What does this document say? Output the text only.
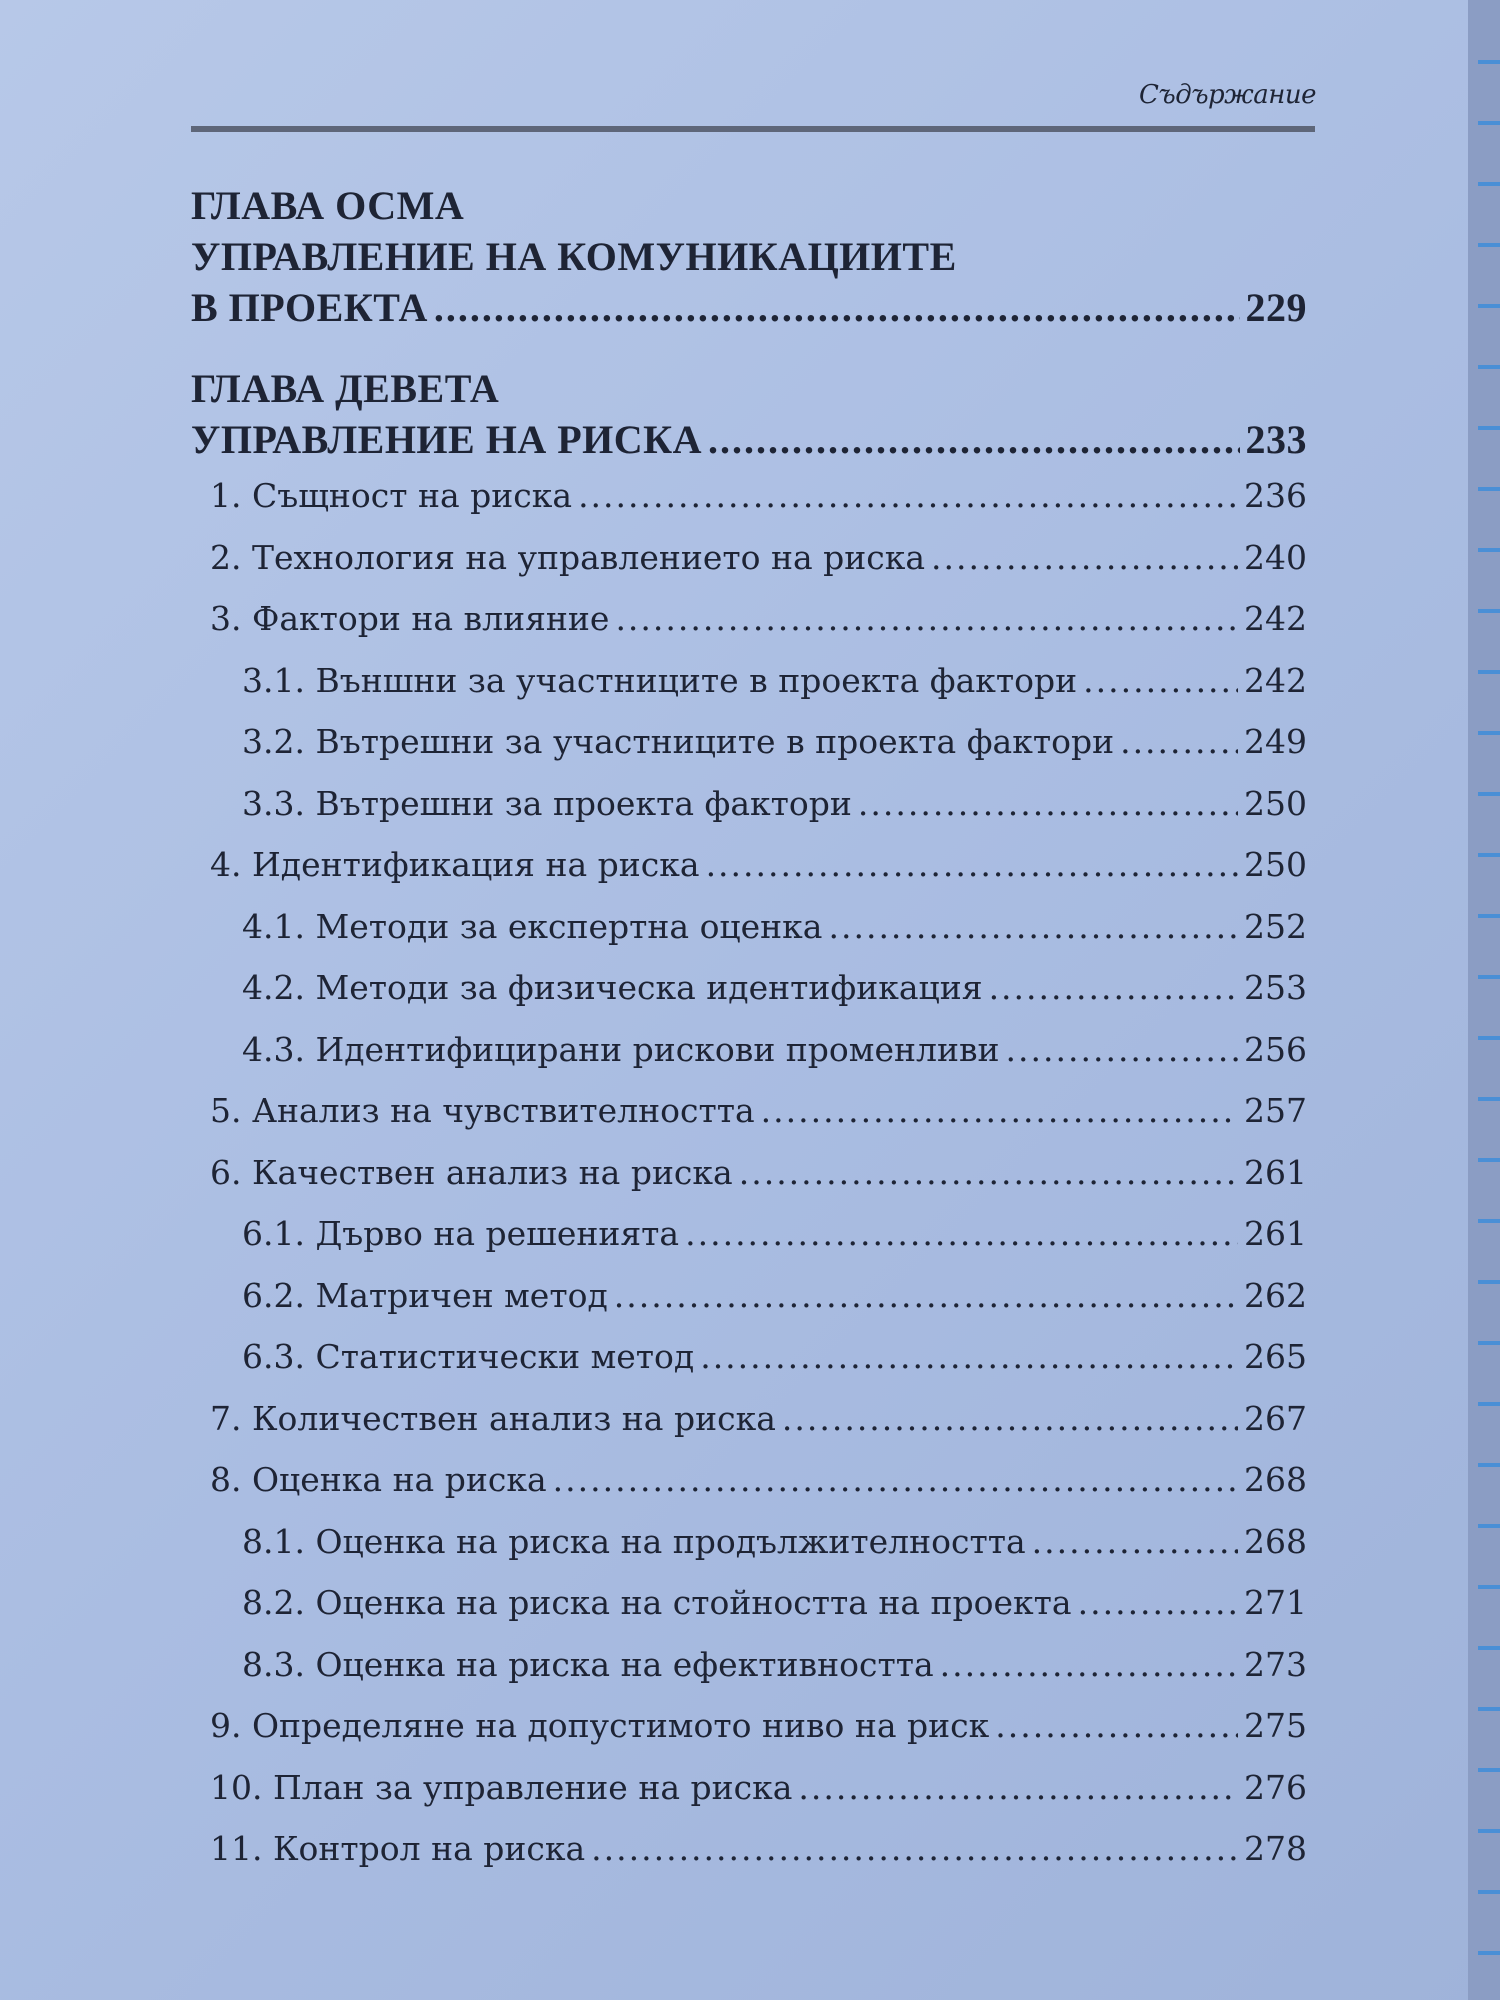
Съдържание
ГЛАВА ОСМА
УПРАВЛЕНИЕ НА КОМУНИКАЦИИТЕ
В ПРОЕКТА .....	229
ГЛАВА ДЕВЕТА
УПРАВЛЕНИЕ НА РИСКА .....	233
1. Същност на риска .....	236
2. Технология на управлението на риска .....	240
3. Фактори на влияние .....	242
3.1. Външни за участниците в проекта фактори .....	242
3.2. Вътрешни за участниците в проекта фактори .....	249
3.3. Вътрешни за проекта фактори .....	250
4. Идентификация на риска .....	250
4.1. Методи за експертна оценка .....	252
4.2. Методи за физическа идентификация .....	253
4.3. Идентифицирани рискови променливи .....	256
5. Анализ на чувствителността .....	257
6. Качествен анализ на риска .....	261
6.1. Дърво на решенията .....	261
6.2. Матричен метод .....	262
6.3. Статистически метод .....	265
7. Количествен анализ на риска .....	267
8. Оценка на риска .....	268
8.1. Оценка на риска на продължителността .....	268
8.2. Оценка на риска на стойността на проекта .....	271
8.3. Оценка на риска на ефективността .....	273
9. Определяне на допустимото ниво на риск .....	275
10. План за управление на риска .....	276
11. Контрол на риска .....	278
